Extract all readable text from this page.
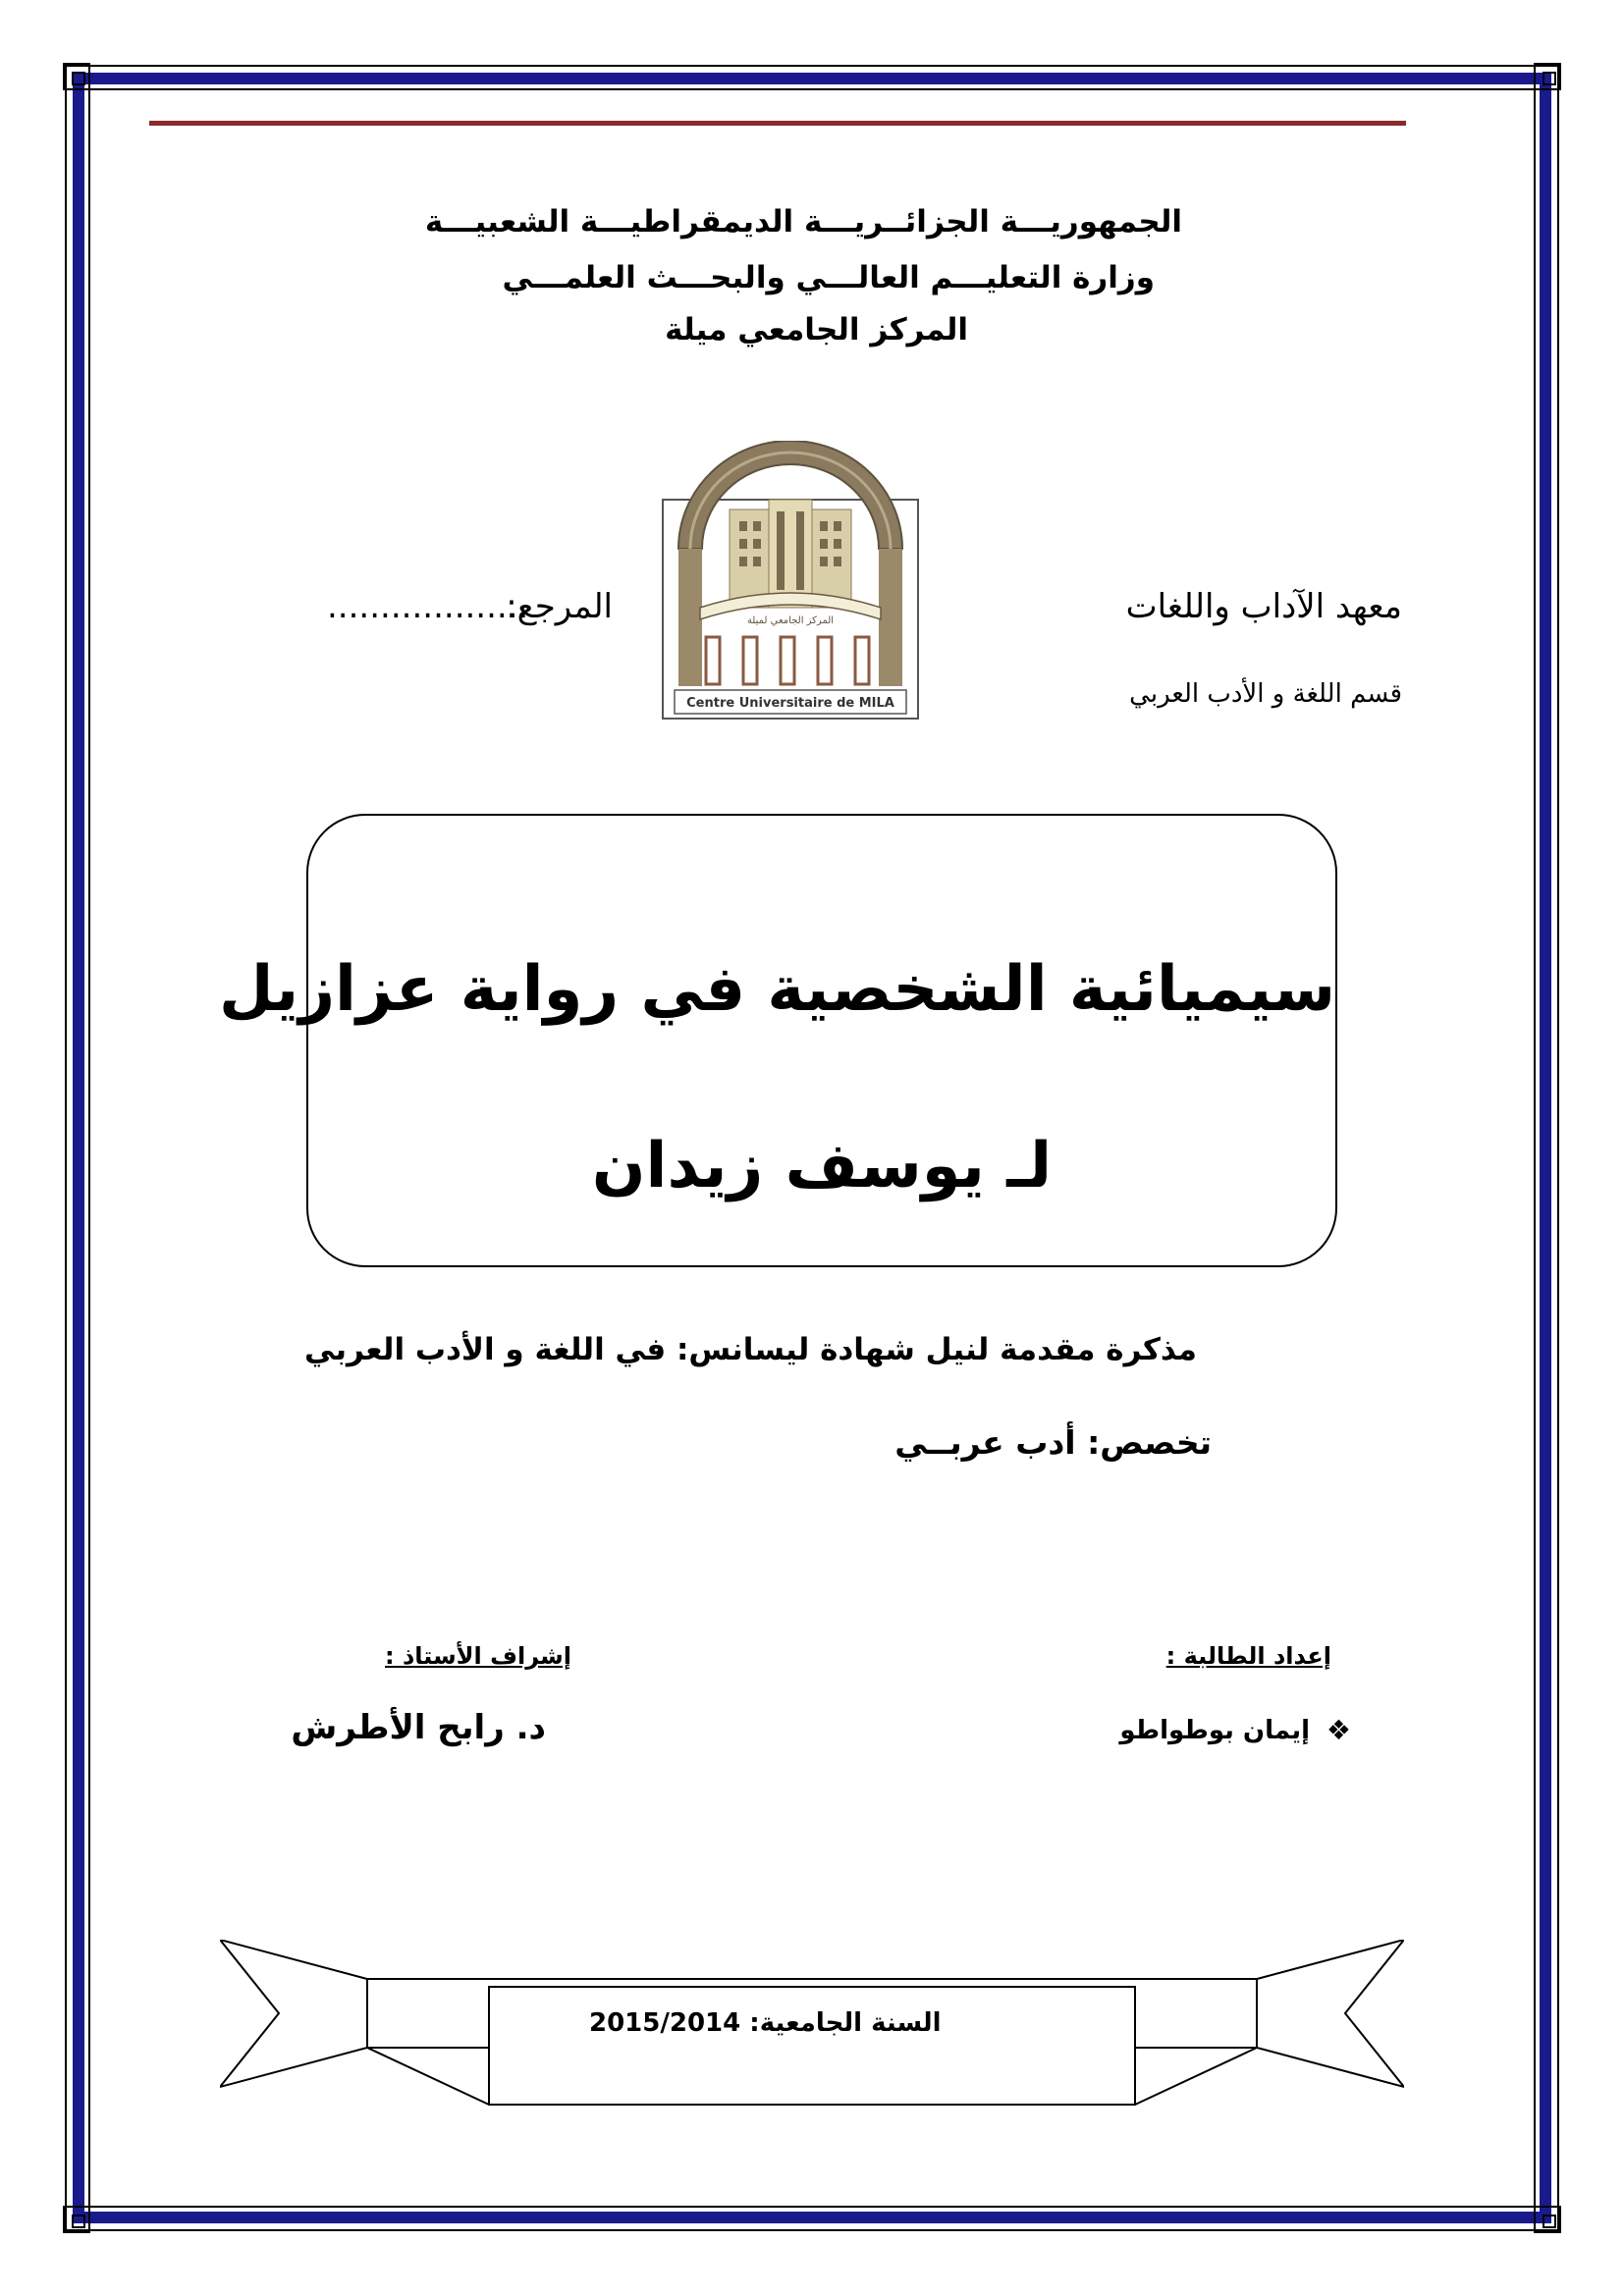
الجمهوريـــة الجزائــريـــة الديمقراطيـــة الشعبيـــة
وزارة التعليـــم العالـــي والبحـــث العلمـــي
المركز الجامعي ميلة
المركز الجامعي لميلة
Centre Universitaire de MILA
معهد الآداب واللغات
قسم اللغة و الأدب العربي
المرجع:
...................
سيميائية الشخصية في رواية عزازيل
لـ يوسف زيدان
مذكرة مقدمة لنيل شهادة ليسانس: في اللغة و الأدب العربي
تخصص: أدب عربــي
إعداد الطالبة :
إشراف الأستاذ :
❖
إيمان بوطواطو
د. رابح الأطرش
2015/2014 السنة الجامعية:
